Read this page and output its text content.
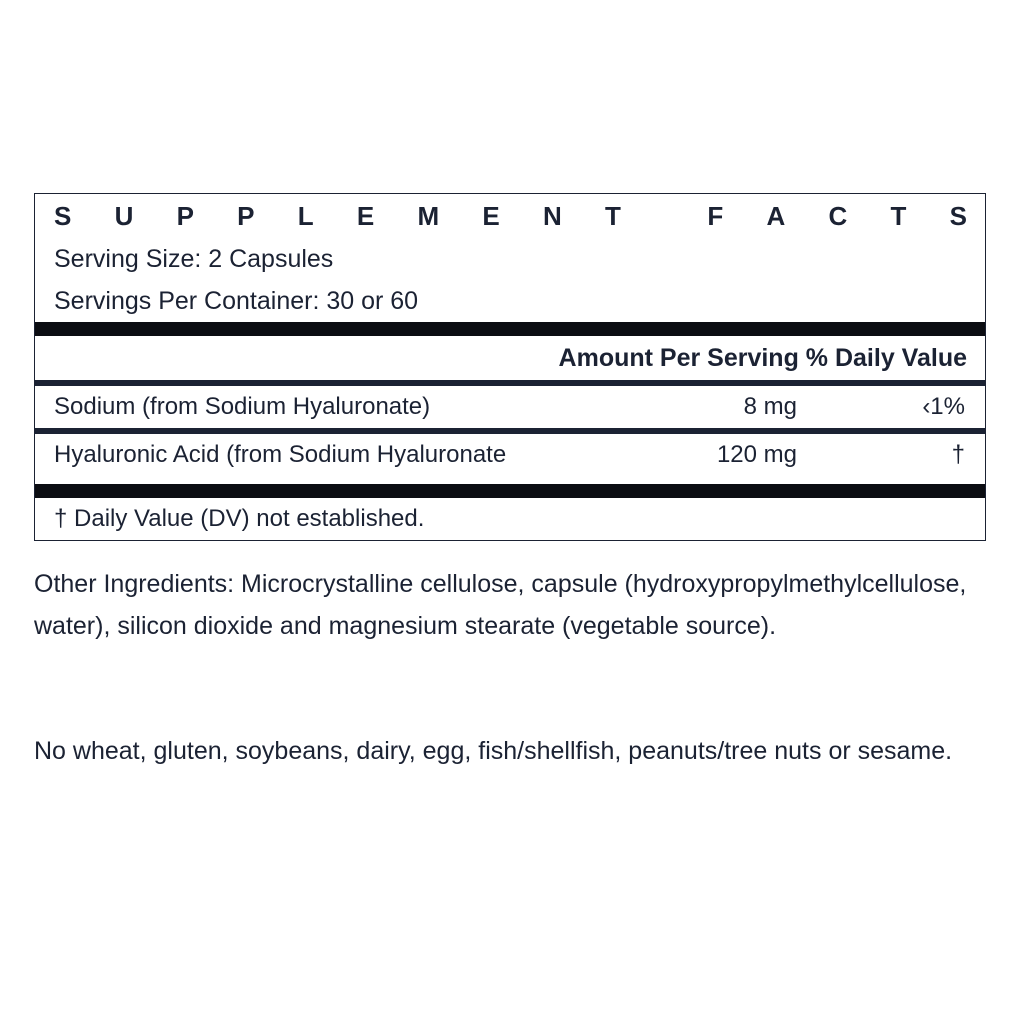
S U P P L E M E N T	F A C T S
Serving Size: 2 Capsules
Servings Per Container: 30 or 60
Amount Per Serving % Daily Value
Sodium (from Sodium Hyaluronate)	8 mg	‹1%
Hyaluronic Acid (from Sodium Hyaluronate	120 mg	†
† Daily Value (DV) not established.

Other Ingredients: Microcrystalline cellulose, capsule (hydroxypropylmethylcellulose, water), silicon dioxide and magnesium stearate (vegetable source).

No wheat, gluten, soybeans, dairy, egg, fish/shellfish, peanuts/tree nuts or sesame.
